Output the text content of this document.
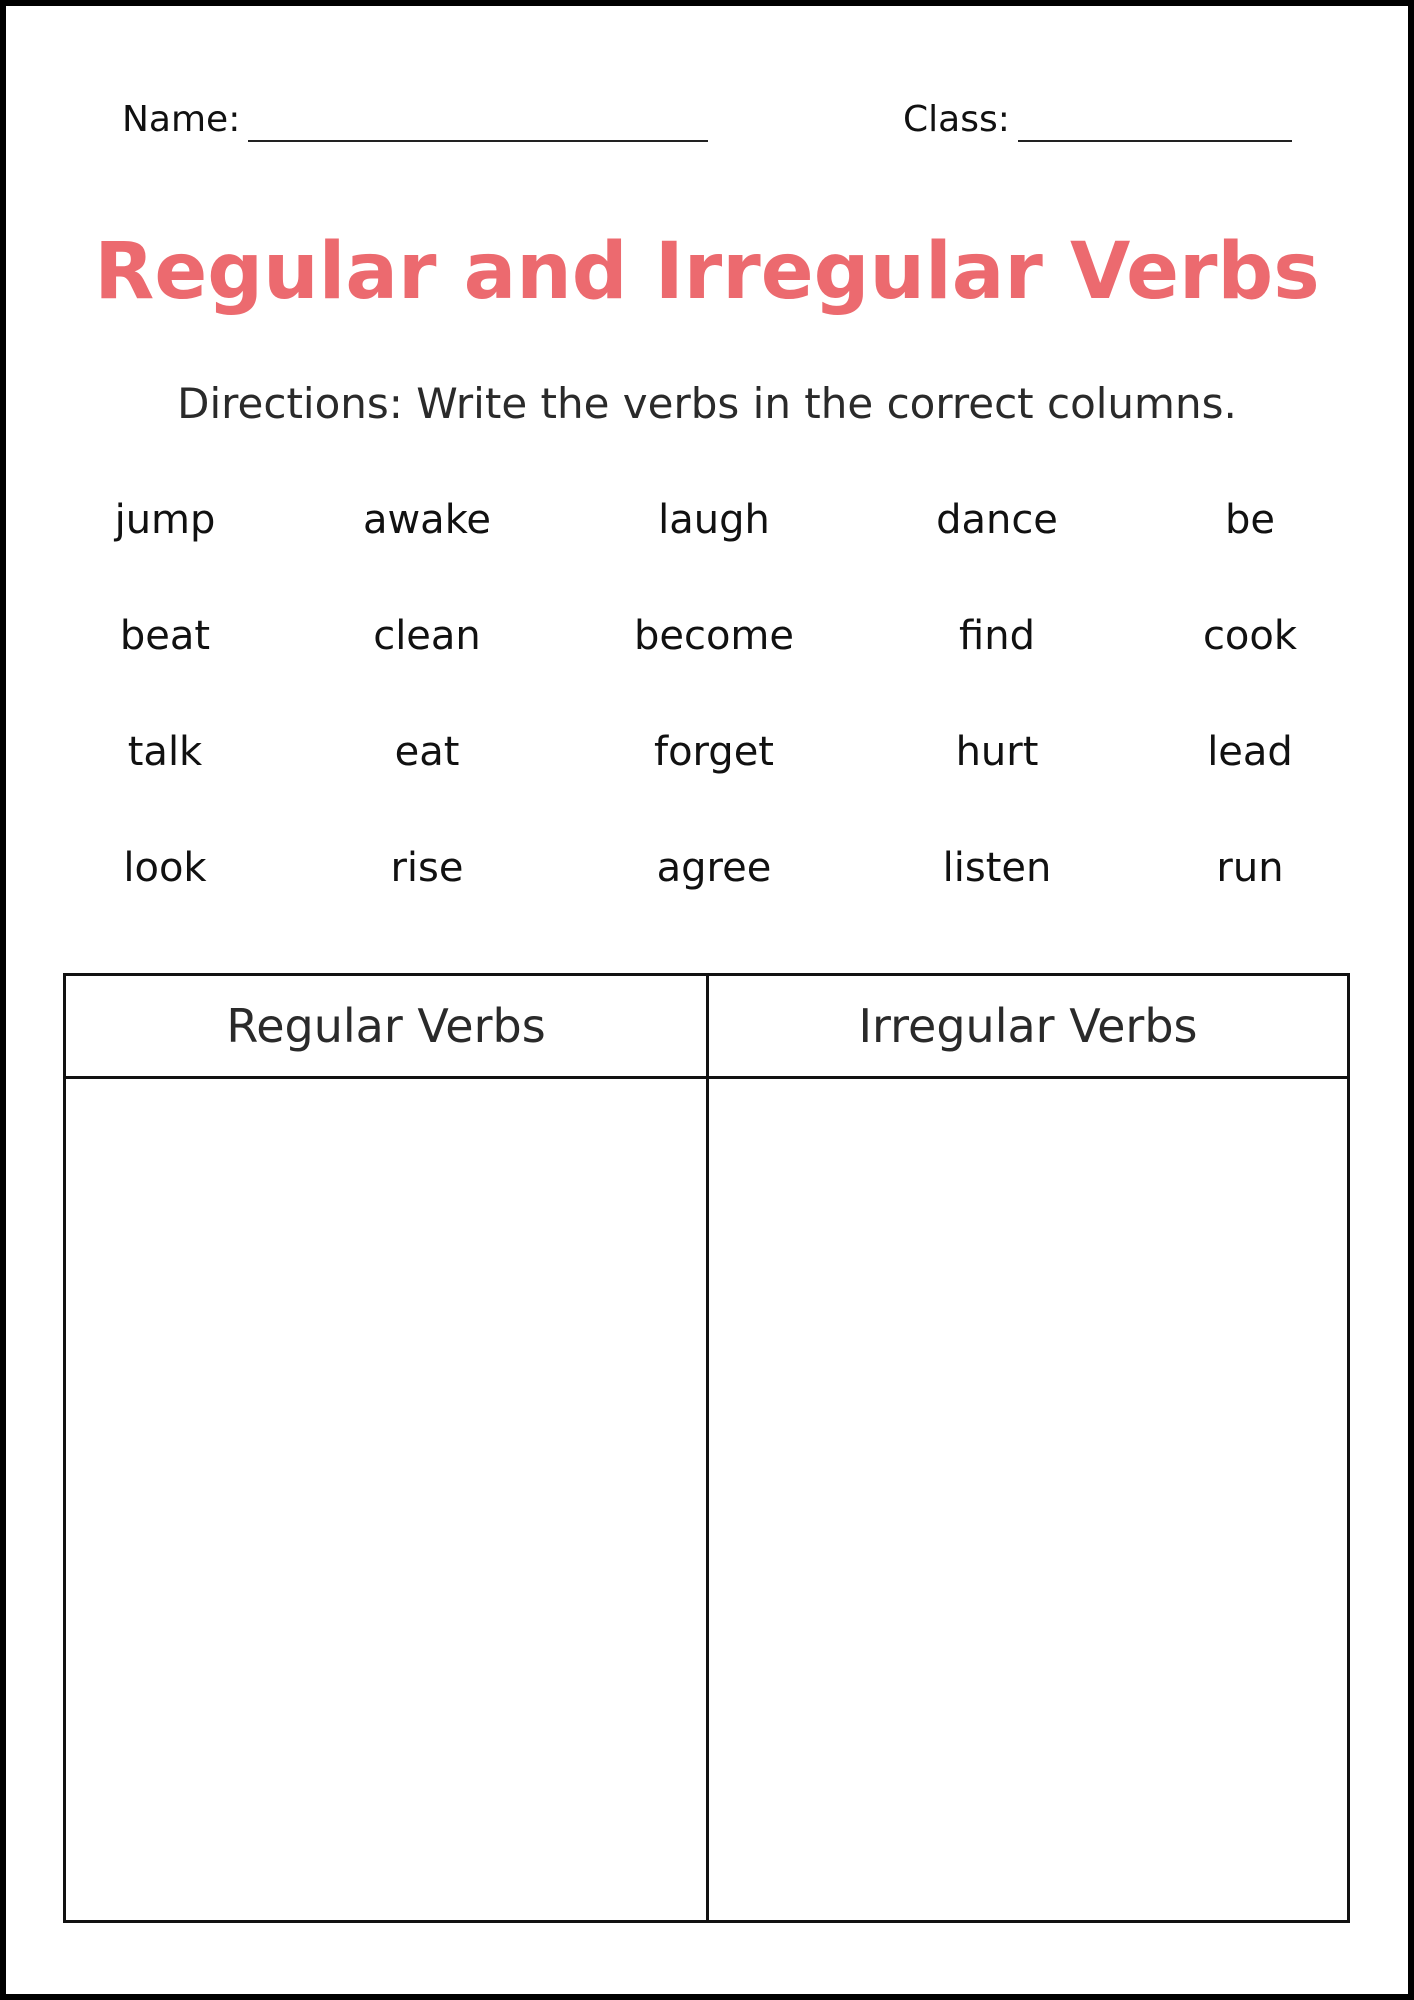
Name:	Class:
Regular and Irregular Verbs
Directions: Write the verbs in the correct columns.
jump	awake	laugh	dance	be
beat	clean	become	find	cook
talk	eat	forget	hurt	lead
look	rise	agree	listen	run
Regular Verbs	Irregular Verbs
